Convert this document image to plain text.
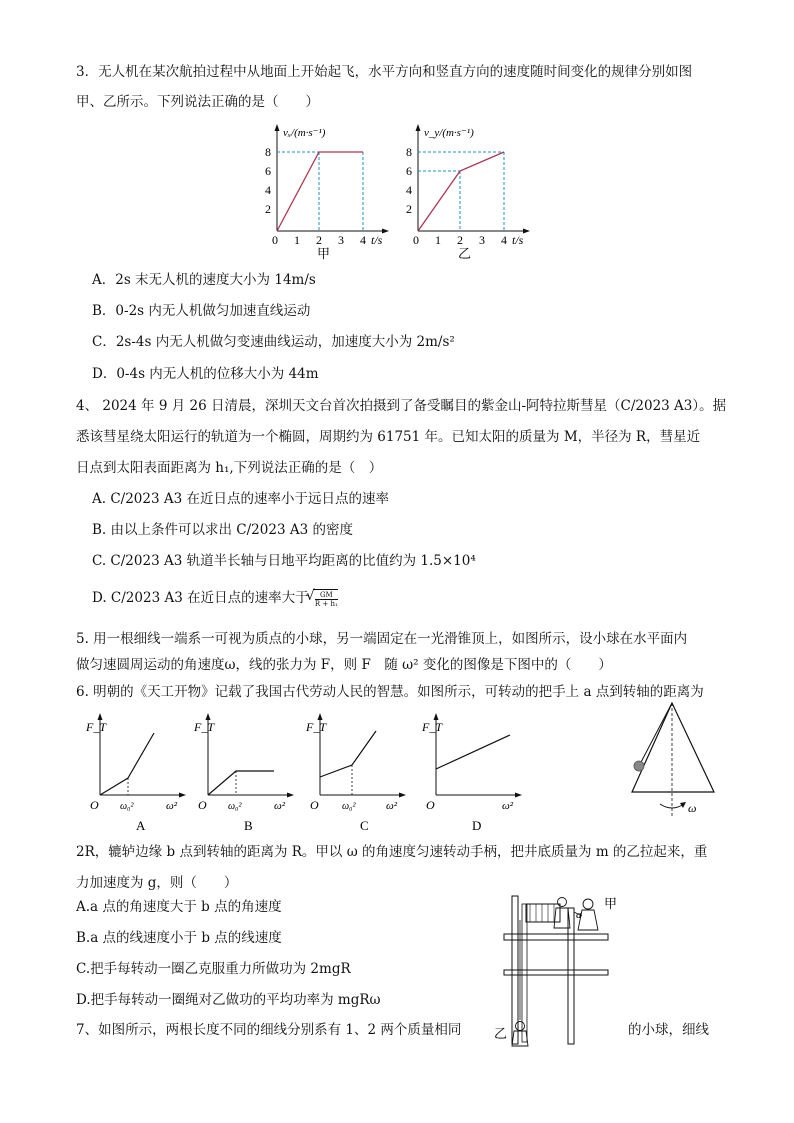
3．无人机在某次航拍过程中从地面上开始起飞，水平方向和竖直方向的速度随时间变化的规律分别如图
甲、乙所示。下列说法正确的是（　　）
vₓ/(m·s⁻¹)
8
6
4
2
0 1 2 3 4 t/s
甲
v_y/(m·s⁻¹)
8
6
4
2
0 1 2 3 4 t/s
乙
A．2s 末无人机的速度大小为 14m/s
B．0-2s 内无人机做匀加速直线运动
C．2s-4s 内无人机做匀变速曲线运动，加速度大小为 2m/s²
D．0-4s 内无人机的位移大小为 44m
4、 2024 年 9 月 26 日清晨，深圳天文台首次拍摄到了备受瞩目的紫金山-阿特拉斯彗星（C/2023 A3）。据
悉该彗星绕太阳运行的轨道为一个椭圆，周期约为 61751 年。已知太阳的质量为 M，半径为 R，彗星近
日点到太阳表面距离为 h₁,下列说法正确的是（　）
A. C/2023 A3 在近日点的速率小于远日点的速率
B. 由以上条件可以求出 C/2023 A3 的密度
C. C/2023 A3 轨道半长轴与日地平均距离的比值约为 1.5×10⁴
D. C/2023 A3 在近日点的速率大于
√ $\frac{GM}{\text{R + h₁}}$
5. 用一根细线一端系一可视为质点的小球，另一端固定在一光滑锥顶上，如图所示，设小球在水平面内
做匀速圆周运动的角速度ω，线的张力为 F，则 F　随 ω² 变化的图像是下图中的（　　）
6. 明朝的《天工开物》记载了我国古代劳动人民的智慧。如图所示，可转动的把手上 a 点到转轴的距离为
F_T
O ω₀²	ω²
A
F_T
O ω₀²	ω²
B
F_T
O ω₀²	ω²
C
F_T
O	ω²
D
ω
2R，辘轳边缘 b 点到转轴的距离为 R。甲以 ω 的角速度匀速转动手柄，把井底质量为 m 的乙拉起来，重
力加速度为 g，则（　　）
A.a 点的角速度大于 b 点的角速度
B.a 点的线速度小于 b 点的线速度
C.把手每转动一圈乙克服重力所做功为 2mgR
D.把手每转动一圈绳对乙做功的平均功率为 mgRω
a
甲
乙
7、如图所示，两根长度不同的细线分别系有 1、2 两个质量相同	的小球，细线
